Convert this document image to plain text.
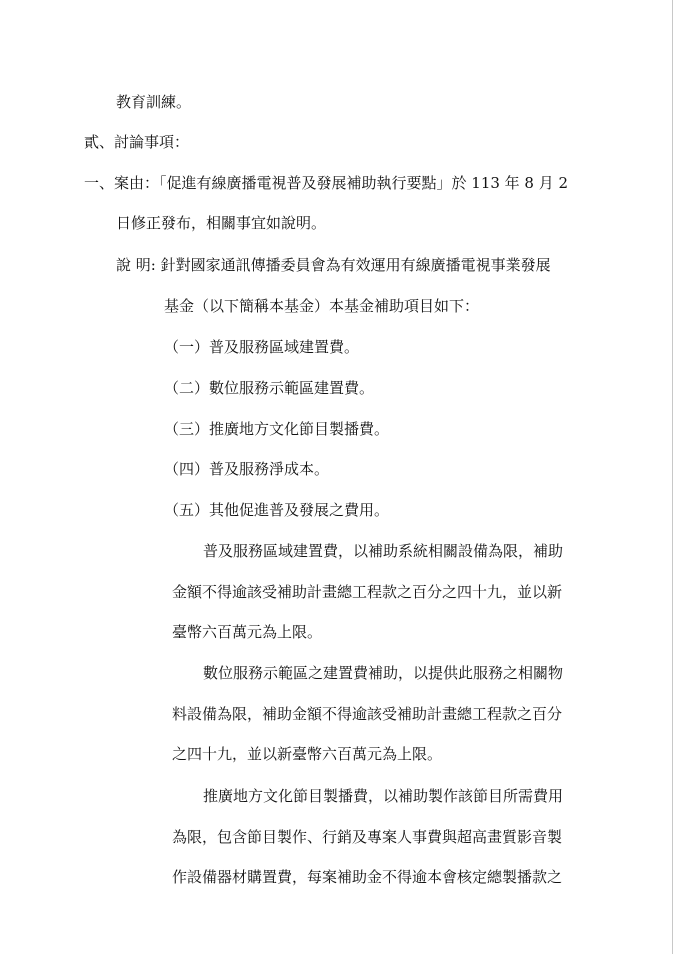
教育訓練。
貳、討論事項：
一、案由：「促進有線廣播電視普及發展補助執行要點」於 113 年 8 月 2
日修正發布，相關事宜如說明。
說 明: 針對國家通訊傳播委員會為有效運用有線廣播電視事業發展
基金（以下簡稱本基金）本基金補助項目如下：
（一）普及服務區域建置費。
（二）數位服務示範區建置費。
（三）推廣地方文化節目製播費。
（四）普及服務淨成本。
（五）其他促進普及發展之費用。
普及服務區域建置費，以補助系統相關設備為限，補助
金額不得逾該受補助計畫總工程款之百分之四十九，並以新
臺幣六百萬元為上限。
數位服務示範區之建置費補助，以提供此服務之相關物
料設備為限，補助金額不得逾該受補助計畫總工程款之百分
之四十九，並以新臺幣六百萬元為上限。
推廣地方文化節目製播費，以補助製作該節目所需費用
為限，包含節目製作、行銷及專案人事費與超高畫質影音製
作設備器材購置費，每案補助金不得逾本會核定總製播款之
